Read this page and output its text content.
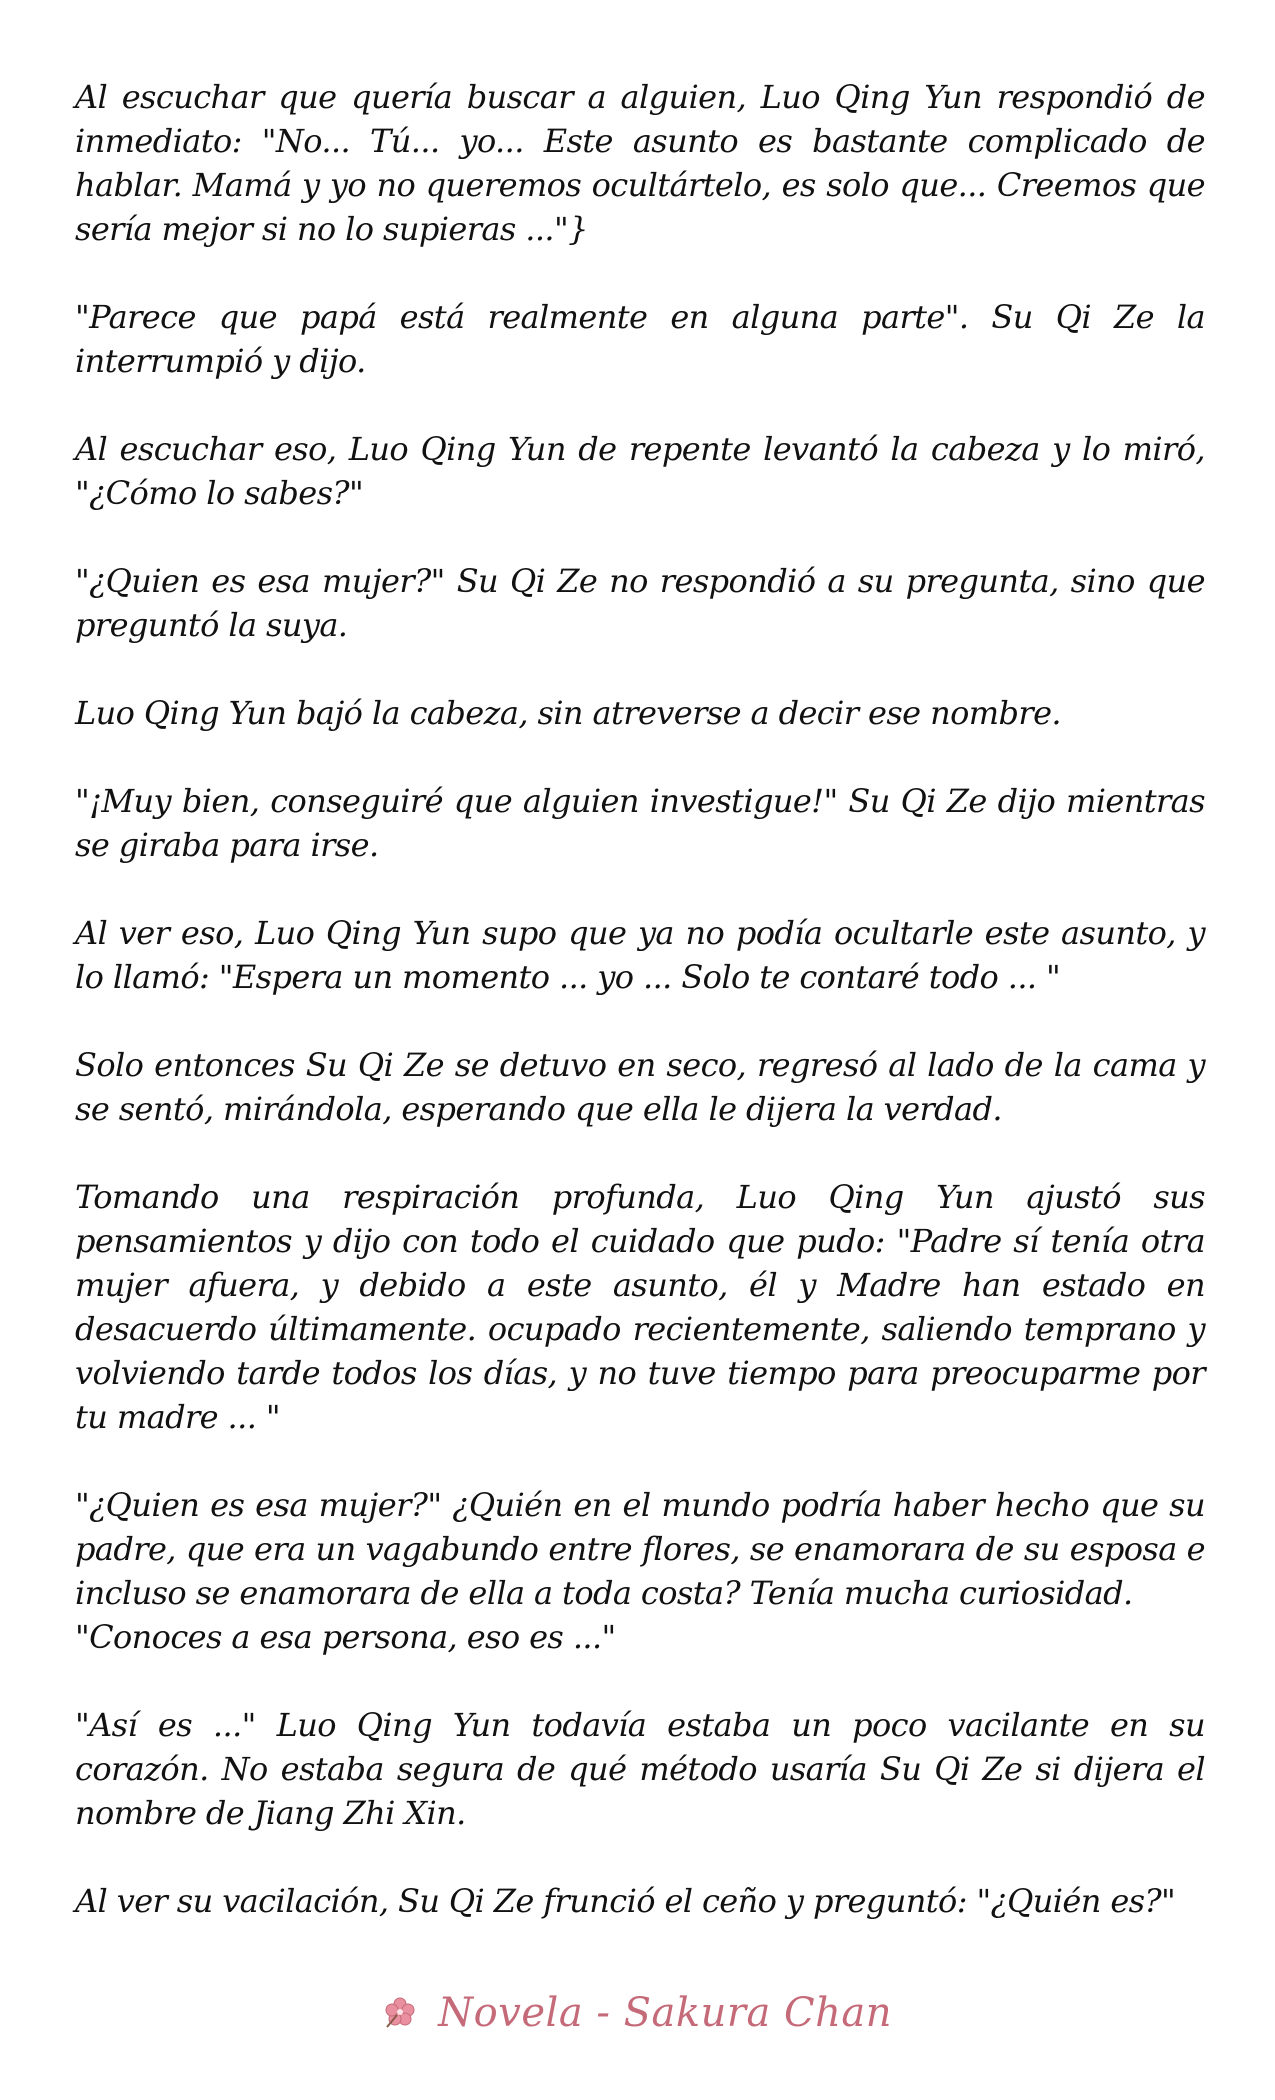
Al escuchar que quería buscar a alguien, Luo Qing Yun respondió de inmediato: "No... Tú... yo... Este asunto es bastante complicado de hablar. Mamá y yo no queremos ocultártelo, es solo que... Creemos que sería mejor si no lo supieras ..."}

"Parece que papá está realmente en alguna parte". Su Qi Ze la interrumpió y dijo.

Al escuchar eso, Luo Qing Yun de repente levantó la cabeza y lo miró, "¿Cómo lo sabes?"

"¿Quien es esa mujer?" Su Qi Ze no respondió a su pregunta, sino que preguntó la suya.

Luo Qing Yun bajó la cabeza, sin atreverse a decir ese nombre.

"¡Muy bien, conseguiré que alguien investigue!" Su Qi Ze dijo mientras se giraba para irse.

Al ver eso, Luo Qing Yun supo que ya no podía ocultarle este asunto, y lo llamó: "Espera un momento ... yo ... Solo te contaré todo ... "

Solo entonces Su Qi Ze se detuvo en seco, regresó al lado de la cama y se sentó, mirándola, esperando que ella le dijera la verdad.

Tomando una respiración profunda, Luo Qing Yun ajustó sus pensamientos y dijo con todo el cuidado que pudo: "Padre sí tenía otra mujer afuera, y debido a este asunto, él y Madre han estado en desacuerdo últimamente. ocupado recientemente, saliendo temprano y volviendo tarde todos los días, y no tuve tiempo para preocuparme por tu madre ... "

"¿Quien es esa mujer?" ¿Quién en el mundo podría haber hecho que su padre, que era un vagabundo entre flores, se enamorara de su esposa e incluso se enamorara de ella a toda costa? Tenía mucha curiosidad.
"Conoces a esa persona, eso es ..."

"Así es ..." Luo Qing Yun todavía estaba un poco vacilante en su corazón. No estaba segura de qué método usaría Su Qi Ze si dijera el nombre de Jiang Zhi Xin.

Al ver su vacilación, Su Qi Ze frunció el ceño y preguntó: "¿Quién es?"

Novela - Sakura Chan
